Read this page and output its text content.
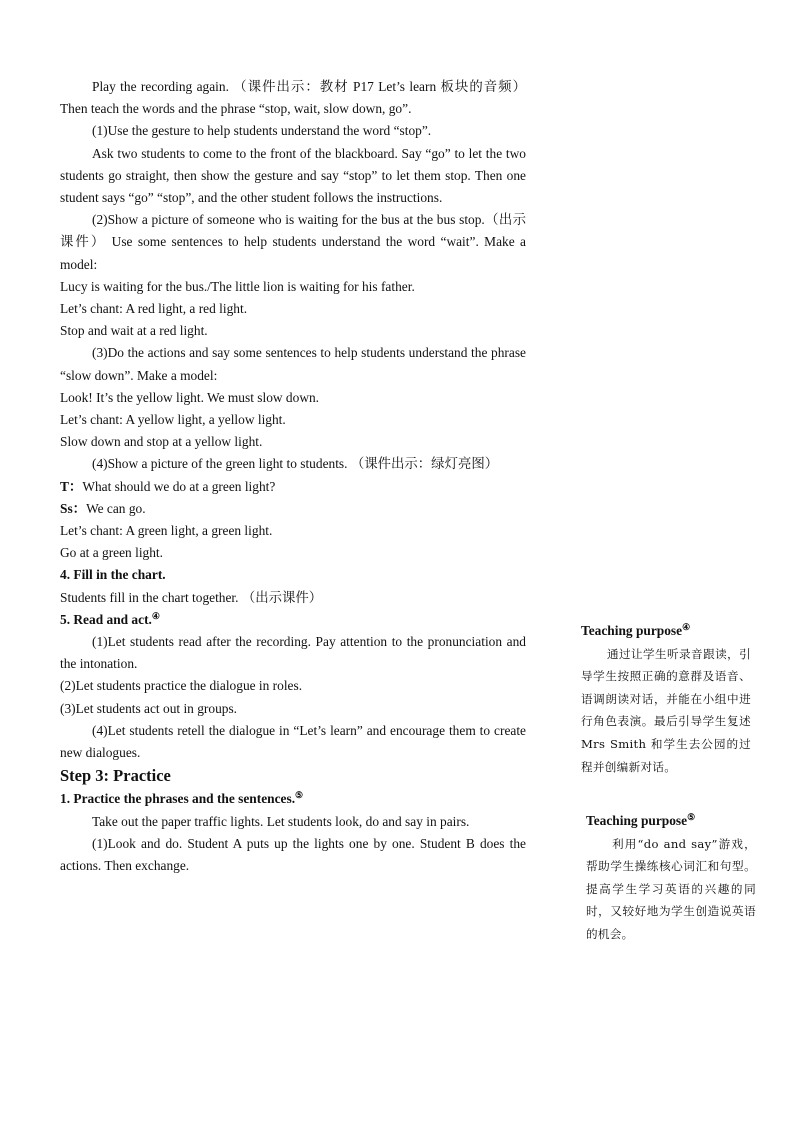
Play the recording again. （课件出示：教材 P17 Let’s learn 板块的音频） Then teach the words and the phrase “stop, wait, slow down, go”.

(1)Use the gesture to help students understand the word “stop”.

Ask two students to come to the front of the blackboard. Say “go” to let the two students go straight, then show the gesture and say “stop” to let them stop. Then one student says “go” “stop”, and the other student follows the instructions.

(2)Show a picture of someone who is waiting for the bus at the bus stop.（出示课件） Use some sentences to help students understand the word “wait”. Make a model:

Lucy is waiting for the bus./The little lion is waiting for his father.

Let’s chant: A red light, a red light.

Stop and wait at a red light.

(3)Do the actions and say some sentences to help students understand the phrase “slow down”. Make a model:

Look! It’s the yellow light. We must slow down.

Let’s chant: A yellow light, a yellow light.

Slow down and stop at a yellow light.

(4)Show a picture of the green light to students. （课件出示：绿灯亮图）

T：What should we do at a green light?

Ss：We can go.

Let’s chant: A green light, a green light.

Go at a green light.

4. Fill in the chart.

Students fill in the chart together. （出示课件）

5. Read and act.④

(1)Let students read after the recording. Pay attention to the pronunciation and the intonation.

(2)Let students practice the dialogue in roles.

(3)Let students act out in groups.

(4)Let students retell the dialogue in “Let’s learn” and encourage them to create new dialogues.

Step 3: Practice

1. Practice the phrases and the sentences.⑤

Take out the paper traffic lights. Let students look, do and say in pairs.

(1)Look and do. Student A puts up the lights one by one. Student B does the actions. Then exchange.

Teaching purpose④
通过让学生听录音跟读，引导学生按照正确的意群及语音、语调朗读对话，并能在小组中进行角色表演。最后引导学生复述 Mrs Smith 和学生去公园的过程并创编新对话。
Teaching purpose⑤
利用“do and say”游戏，帮助学生操练核心词汇和句型。提高学生学习英语的兴趣的同时，又较好地为学生创造说英语的机会。
